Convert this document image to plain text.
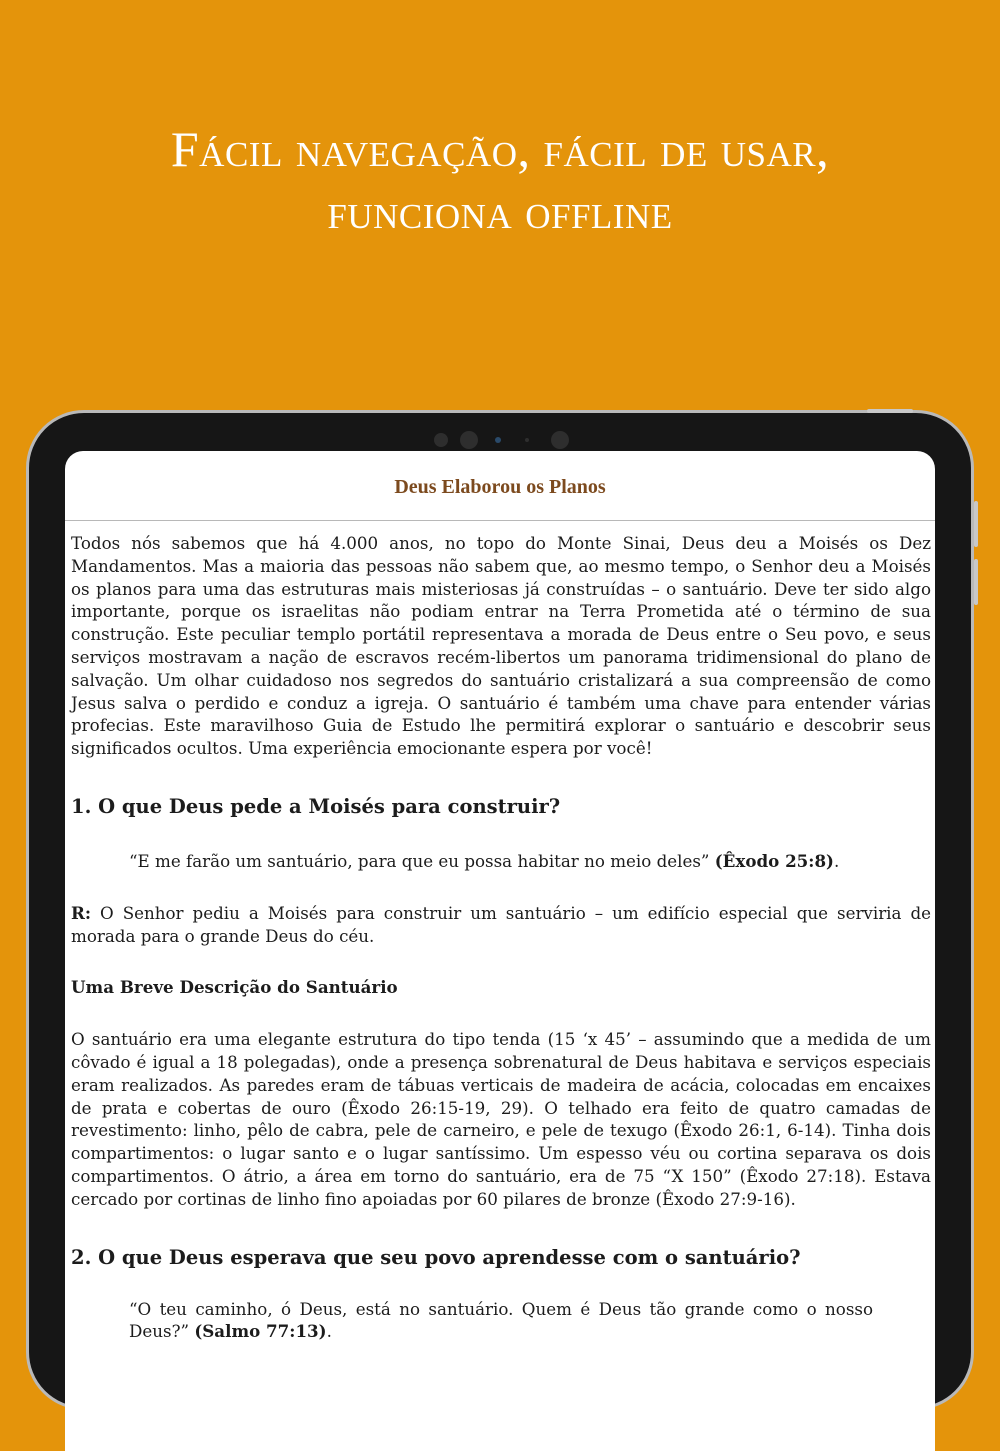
Fácil navegação, fácil de usar,
funciona offline
Deus Elaborou os Planos

Todos nós sabemos que há 4.000 anos, no topo do Monte Sinai, Deus deu a Moisés os Dez Mandamentos. Mas a maioria das pessoas não sabem que, ao mesmo tempo, o Senhor deu a Moisés os planos para uma das estruturas mais misteriosas já construídas – o santuário. Deve ter sido algo importante, porque os israelitas não podiam entrar na Terra Prometida até o término de sua construção. Este peculiar templo portátil representava a morada de Deus entre o Seu povo, e seus serviços mostravam a nação de escravos recém-libertos um panorama tridimensional do plano de salvação. Um olhar cuidadoso nos segredos do santuário cristalizará a sua compreensão de como Jesus salva o perdido e conduz a igreja. O santuário é também uma chave para entender várias profecias. Este maravilhoso Guia de Estudo lhe permitirá explorar o santuário e descobrir seus significados ocultos. Uma experiência emocionante espera por você!

1. O que Deus pede a Moisés para construir?

“E me farão um santuário, para que eu possa habitar no meio deles” (Êxodo 25:8).

R: O Senhor pediu a Moisés para construir um santuário – um edifício especial que serviria de morada para o grande Deus do céu.

Uma Breve Descrição do Santuário

O santuário era uma elegante estrutura do tipo tenda (15 ‘x 45’ – assumindo que a medida de um côvado é igual a 18 polegadas), onde a presença sobrenatural de Deus habitava e serviços especiais eram realizados. As paredes eram de tábuas verticais de madeira de acácia, colocadas em encaixes de prata e cobertas de ouro (Êxodo 26:15-19, 29). O telhado era feito de quatro camadas de revestimento: linho, pêlo de cabra, pele de carneiro, e pele de texugo (Êxodo 26:1, 6-14). Tinha dois compartimentos: o lugar santo e o lugar santíssimo. Um espesso véu ou cortina separava os dois compartimentos. O átrio, a área em torno do santuário, era de 75 “X 150” (Êxodo 27:18). Estava cercado por cortinas de linho fino apoiadas por 60 pilares de bronze (Êxodo 27:9-16).

2. O que Deus esperava que seu povo aprendesse com o santuário?

“O teu caminho, ó Deus, está no santuário. Quem é Deus tão grande como o nosso Deus?” (Salmo 77:13).
